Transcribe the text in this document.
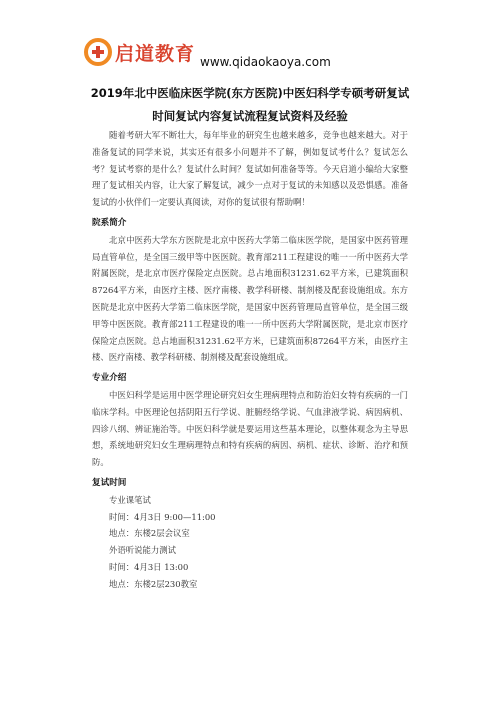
启道教育 www.qidaokaoya.com
2019年北中医临床医学院(东方医院)中医妇科学专硕考研复试
时间复试内容复试流程复试资料及经验

随着考研大军不断壮大，每年毕业的研究生也越来越多，竞争也越来越大。对于准备复试的同学来说，其实还有很多小问题并不了解，例如复试考什么？复试怎么考？复试考察的是什么？复试什么时间？复试如何准备等等。今天启道小编给大家整理了复试相关内容，让大家了解复试，减少一点对于复试的未知感以及恐惧感。准备复试的小伙伴们一定要认真阅读，对你的复试很有帮助啊！

院系简介

北京中医药大学东方医院是北京中医药大学第二临床医学院，是国家中医药管理局直管单位，是全国三级甲等中医医院。教育部211工程建设的唯一一所中医药大学附属医院，是北京市医疗保险定点医院。总占地面积31231.62平方米，已建筑面积87264平方米，由医疗主楼、医疗南楼、教学科研楼、制剂楼及配套设施组成。东方医院是北京中医药大学第二临床医学院，是国家中医药管理局直管单位，是全国三级甲等中医医院。教育部211工程建设的唯一一所中医药大学附属医院，是北京市医疗保险定点医院。总占地面积31231.62平方米，已建筑面积87264平方米，由医疗主楼、医疗南楼、教学科研楼、制剂楼及配套设施组成。

专业介绍

中医妇科学是运用中医学理论研究妇女生理病理特点和防治妇女特有疾病的一门临床学科。中医理论包括阴阳五行学说、脏腑经络学说、气血津液学说、病因病机、四诊八纲、辨证施治等。中医妇科学就是要运用这些基本理论，以整体观念为主导思想，系统地研究妇女生理病理特点和特有疾病的病因、病机、症状、诊断、治疗和预防。

复试时间

专业课笔试

时间：4月3日 9:00—11:00

地点：东楼2层会议室

外语听说能力测试

时间：4月3日 13:00

地点：东楼2层230教室
